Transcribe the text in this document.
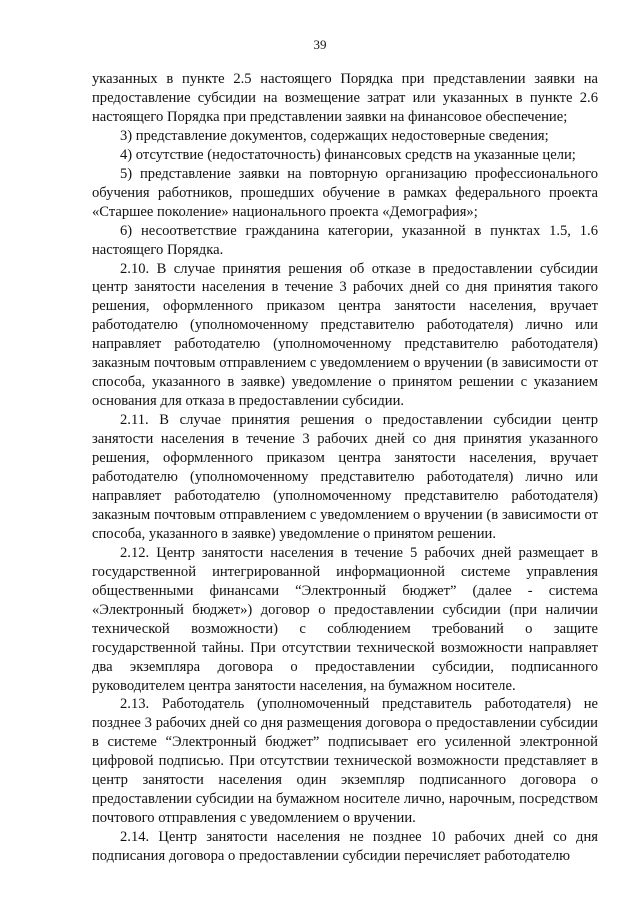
39

указанных в пункте 2.5 настоящего Порядка при представлении заявки на предоставление субсидии на возмещение затрат или указанных в пункте 2.6 настоящего Порядка при представлении заявки на финансовое обеспечение;

3) представление документов, содержащих недостоверные сведения;

4) отсутствие (недостаточность) финансовых средств на указанные цели;

5) представление заявки на повторную организацию профессионального обучения работников, прошедших обучение в рамках федерального проекта «Старшее поколение» национального проекта «Демография»;

6) несоответствие гражданина категории, указанной в пунктах 1.5, 1.6 настоящего Порядка.

2.10. В случае принятия решения об отказе в предоставлении субсидии центр занятости населения в течение 3 рабочих дней со дня принятия такого решения, оформленного приказом центра занятости населения, вручает работодателю (уполномоченному представителю работодателя) лично или направляет работодателю (уполномоченному представителю работодателя) заказным почтовым отправлением с уведомлением о вручении (в зависимости от способа, указанного в заявке) уведомление о принятом решении с указанием основания для отказа в предоставлении субсидии.

2.11. В случае принятия решения о предоставлении субсидии центр занятости населения в течение 3 рабочих дней со дня принятия указанного решения, оформленного приказом центра занятости населения, вручает работодателю (уполномоченному представителю работодателя) лично или направляет работодателю (уполномоченному представителю работодателя) заказным почтовым отправлением с уведомлением о вручении (в зависимости от способа, указанного в заявке) уведомление о принятом решении.

2.12. Центр занятости населения в течение 5 рабочих дней размещает в государственной интегрированной информационной системе управления общественными финансами “Электронный бюджет” (далее - система «Электронный бюджет») договор о предоставлении субсидии (при наличии технической возможности) с соблюдением требований о защите государственной тайны. При отсутствии технической возможности направляет два экземпляра договора о предоставлении субсидии, подписанного руководителем центра занятости населения, на бумажном носителе.

2.13. Работодатель (уполномоченный представитель работодателя) не позднее 3 рабочих дней со дня размещения договора о предоставлении субсидии в системе “Электронный бюджет” подписывает его усиленной электронной цифровой подписью. При отсутствии технической возможности представляет в центр занятости населения один экземпляр подписанного договора о предоставлении субсидии на бумажном носителе лично, нарочным, посредством почтового отправления с уведомлением о вручении.

2.14. Центр занятости населения не позднее 10 рабочих дней со дня подписания договора о предоставлении субсидии перечисляет работодателю
